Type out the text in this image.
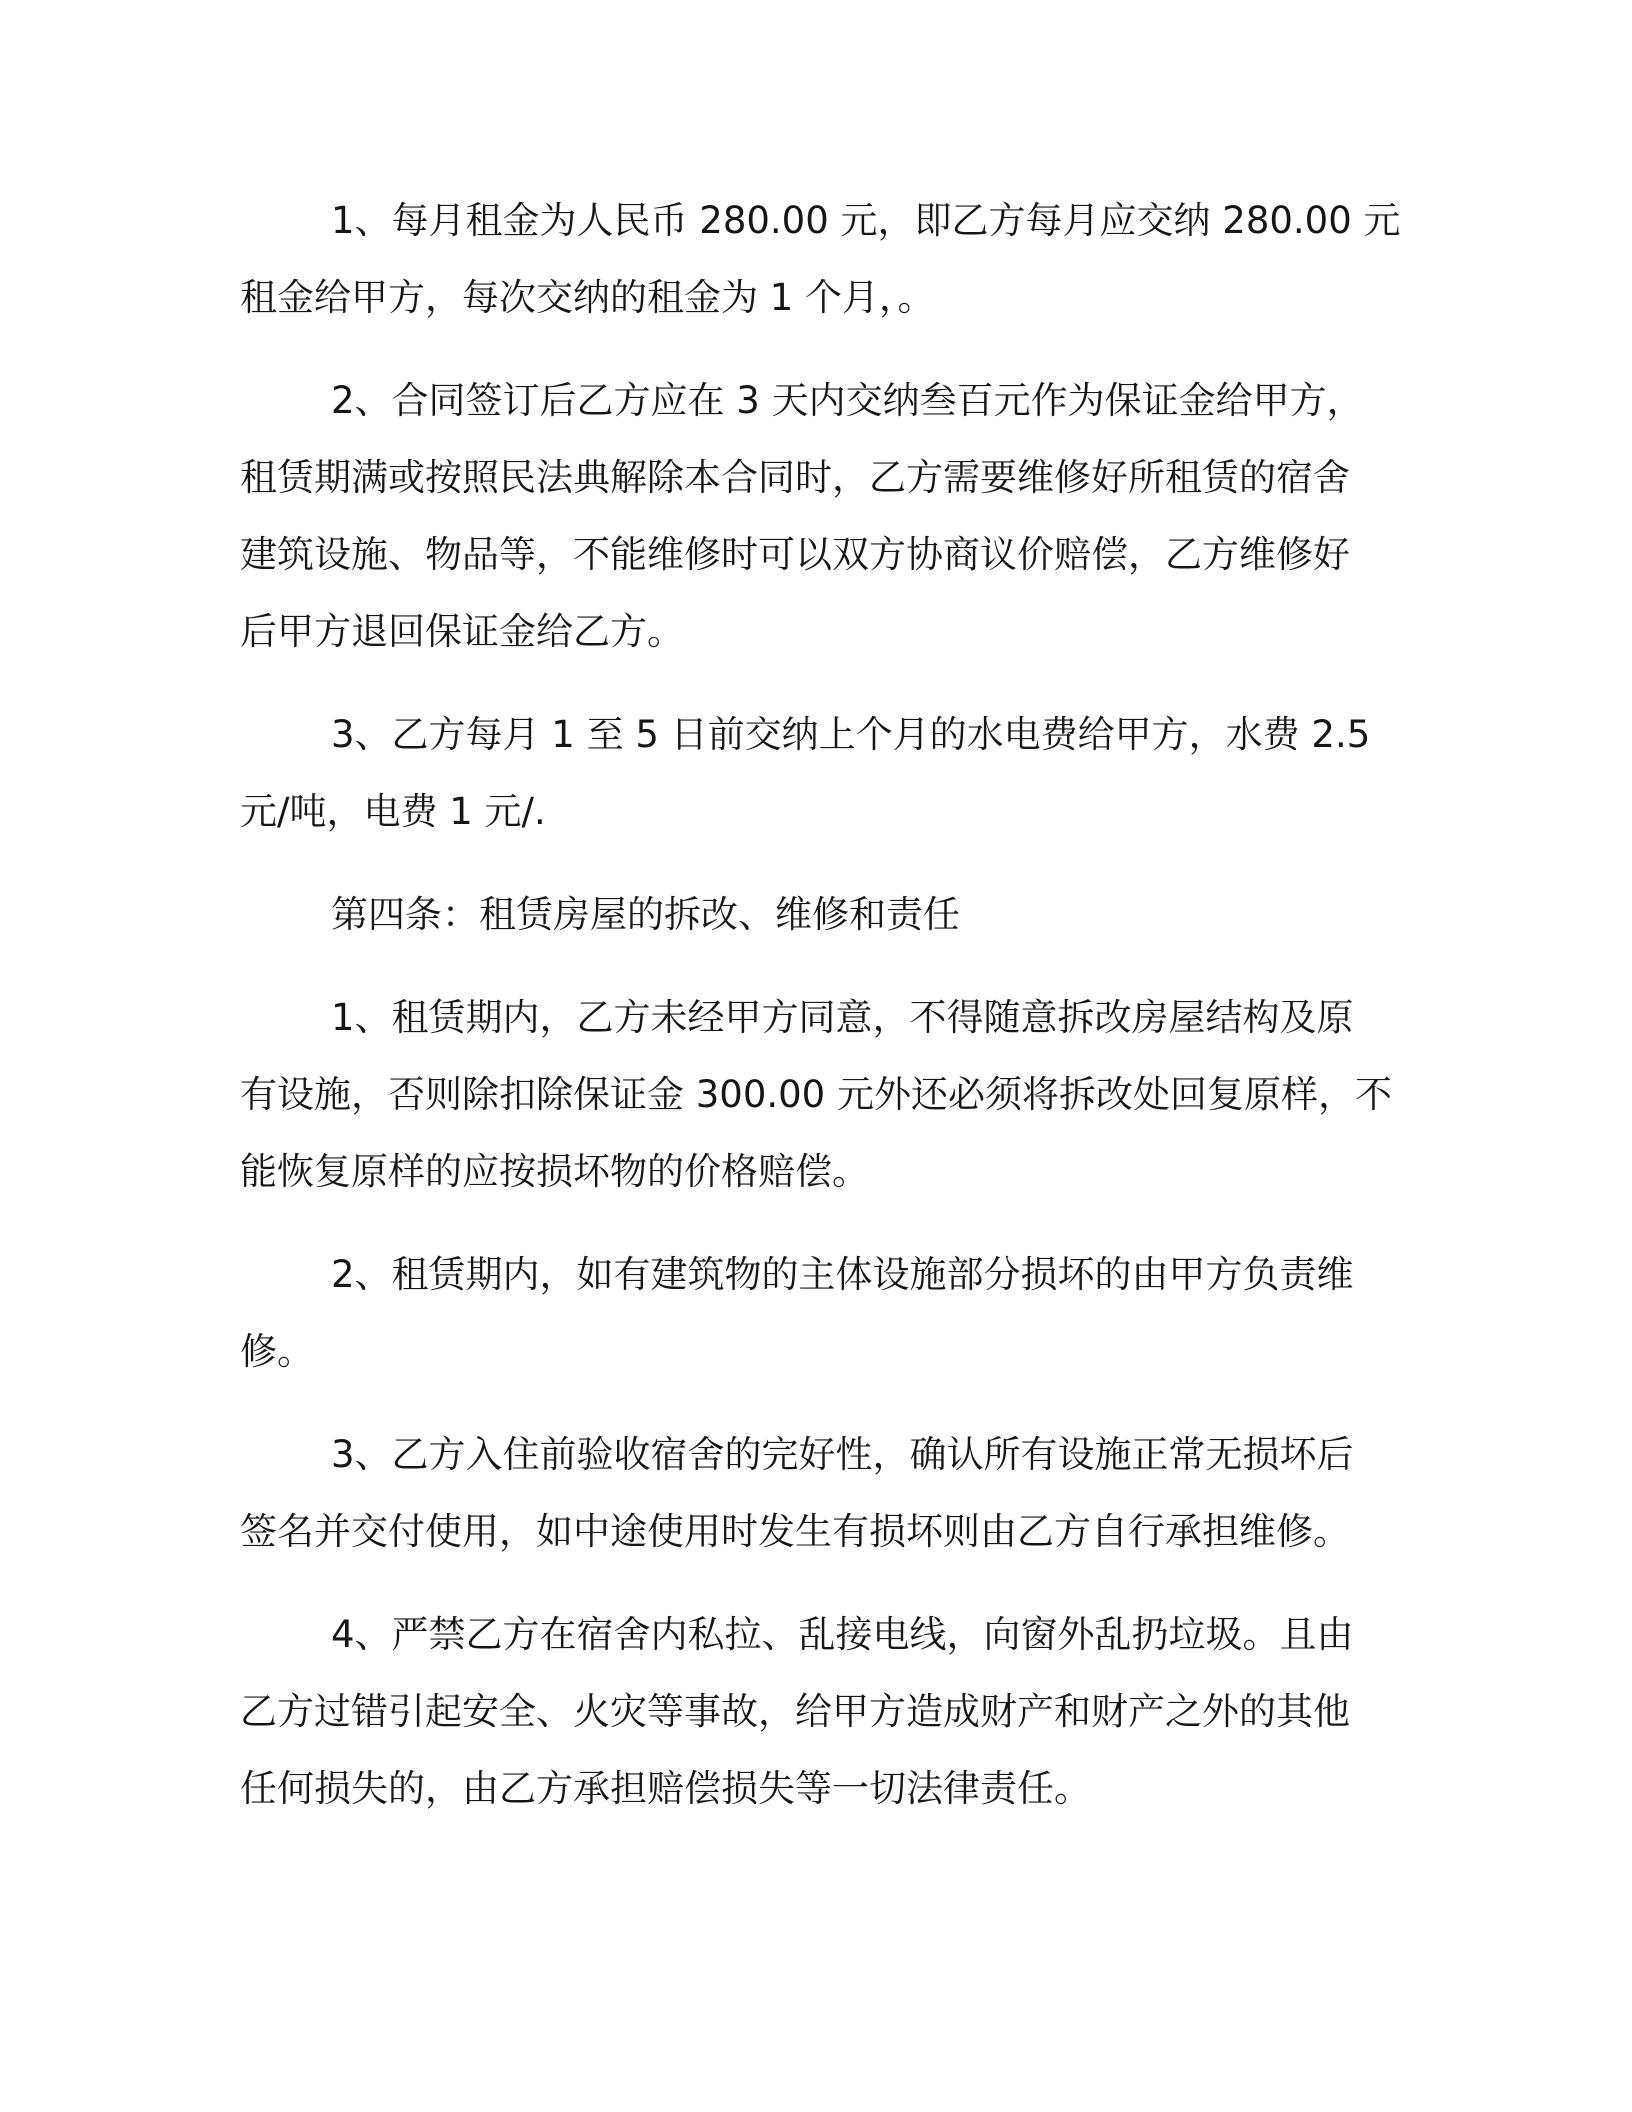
1、每月租金为人民币 280.00 元，即乙方每月应交纳 280.00 元
租金给甲方，每次交纳的租金为 1 个月，。
2、合同签订后乙方应在 3 天内交纳叁百元作为保证金给甲方，
租赁期满或按照民法典解除本合同时，乙方需要维修好所租赁的宿舍
建筑设施、物品等，不能维修时可以双方协商议价赔偿，乙方维修好
后甲方退回保证金给乙方。
3、乙方每月 1 至 5 日前交纳上个月的水电费给甲方，水费 2.5
元/吨，电费 1 元/.
第四条：租赁房屋的拆改、维修和责任
1、租赁期内，乙方未经甲方同意，不得随意拆改房屋结构及原
有设施，否则除扣除保证金 300.00 元外还必须将拆改处回复原样，不
能恢复原样的应按损坏物的价格赔偿。
2、租赁期内，如有建筑物的主体设施部分损坏的由甲方负责维
修。
3、乙方入住前验收宿舍的完好性，确认所有设施正常无损坏后
签名并交付使用，如中途使用时发生有损坏则由乙方自行承担维修。
4、严禁乙方在宿舍内私拉、乱接电线，向窗外乱扔垃圾。且由
乙方过错引起安全、火灾等事故，给甲方造成财产和财产之外的其他
任何损失的，由乙方承担赔偿损失等一切法律责任。
